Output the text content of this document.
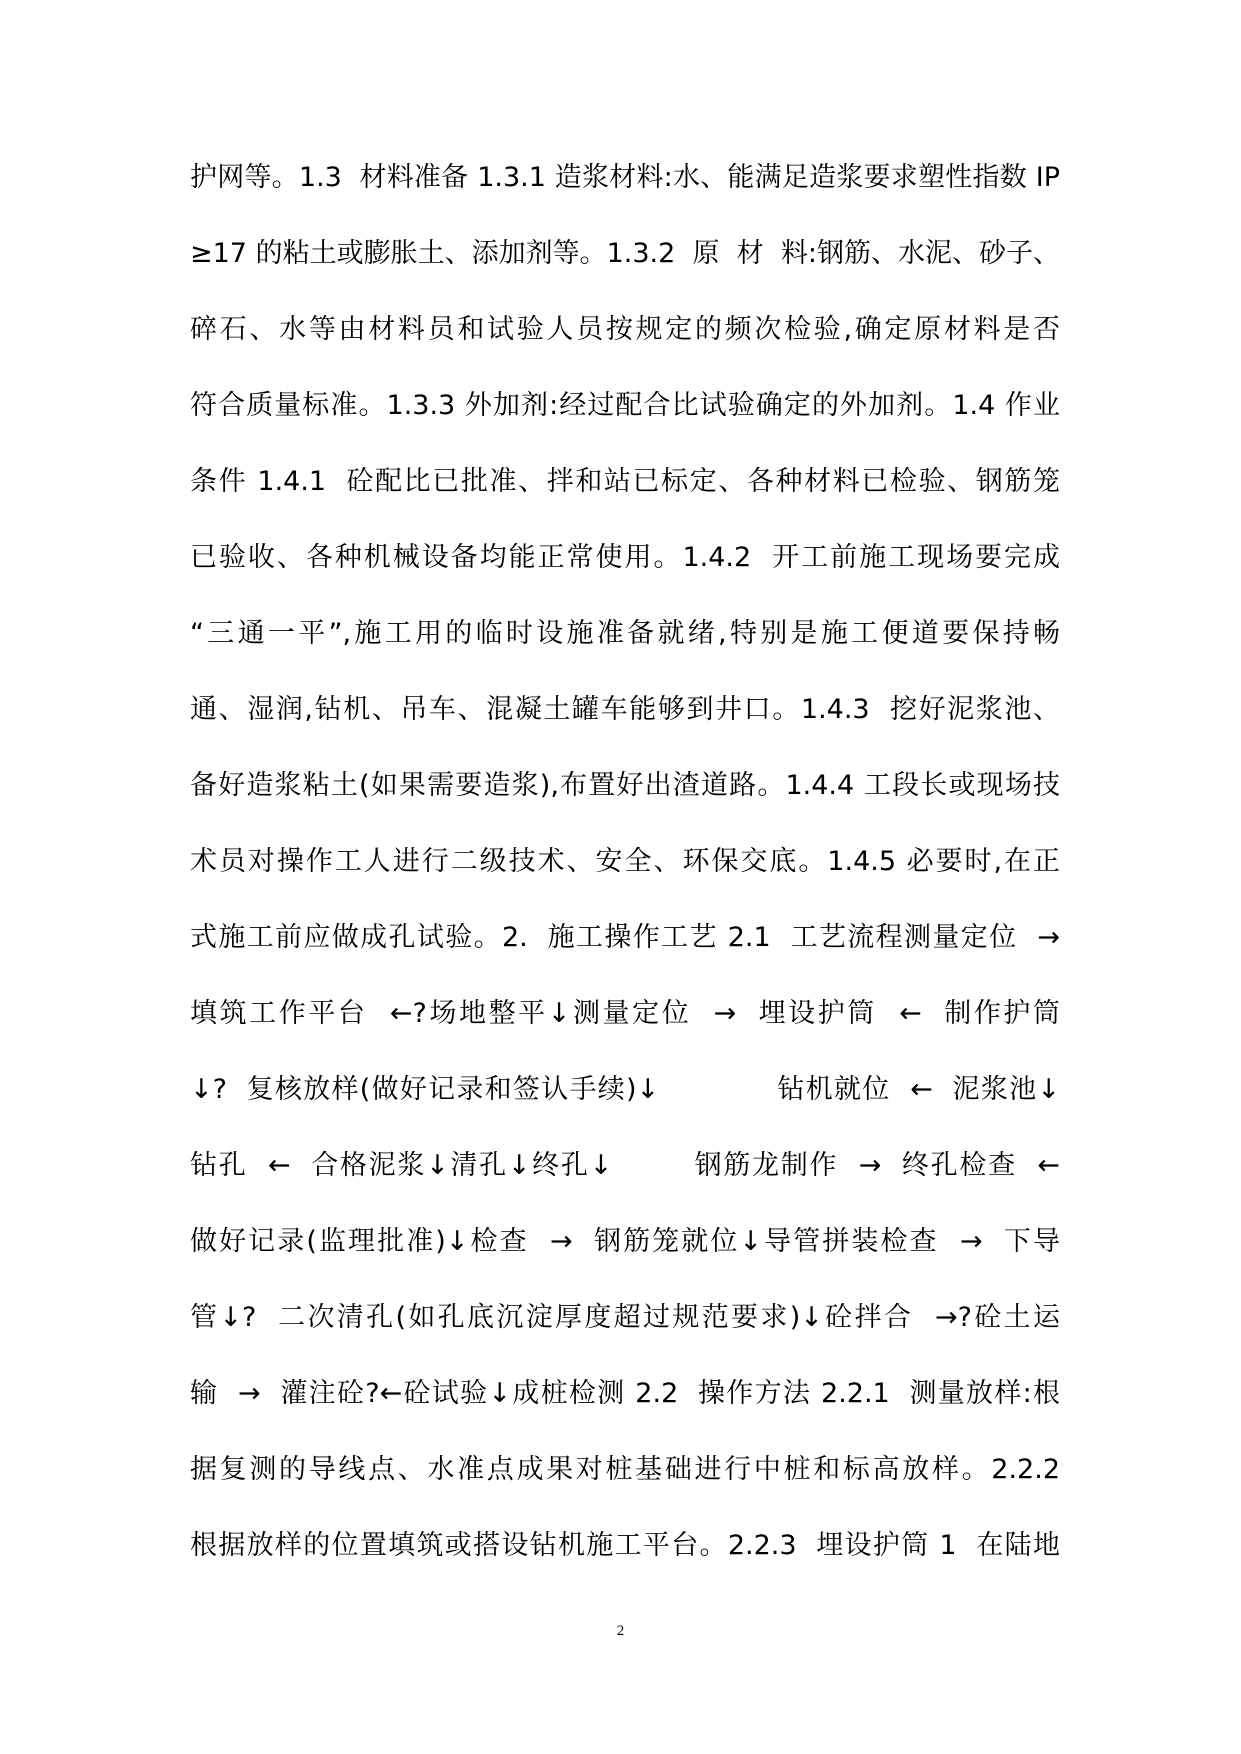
护网等。1.3  材料准备 1.3.1 造浆材料:水、能满足造浆要求塑性指数 IP
≥17 的粘土或膨胀土、添加剂等。1.3.2  原  材  料:钢筋、水泥、砂子、
碎石、水等由材料员和试验人员按规定的频次检验,确定原材料是否
符合质量标准。1.3.3 外加剂:经过配合比试验确定的外加剂。1.4 作业
条件 1.4.1  砼配比已批准、拌和站已标定、各种材料已检验、钢筋笼
已验收、各种机械设备均能正常使用。1.4.2  开工前施工现场要完成
“三通一平”,施工用的临时设施准备就绪,特别是施工便道要保持畅
通、湿润,钻机、吊车、混凝土罐车能够到井口。1.4.3  挖好泥浆池、
备好造浆粘土(如果需要造浆),布置好出渣道路。1.4.4 工段长或现场技
术员对操作工人进行二级技术、安全、环保交底。1.4.5 必要时,在正
式施工前应做成孔试验。2.  施工操作工艺 2.1  工艺流程测量定位  →
填筑工作平台  ←?场地整平↓测量定位  →  埋设护筒  ←  制作护筒
↓?  复核放样(做好记录和签认手续)↓            钻机就位  ←  泥浆池↓
钻孔  ←  合格泥浆↓清孔↓终孔↓        钢筋龙制作  →  终孔检查  ←
做好记录(监理批准)↓检查  →  钢筋笼就位↓导管拼装检查  →  下导
管↓?  二次清孔(如孔底沉淀厚度超过规范要求)↓砼拌合  →?砼土运
输  →  灌注砼?←砼试验↓成桩检测 2.2  操作方法 2.2.1  测量放样:根
据复测的导线点、水准点成果对桩基础进行中桩和标高放样。2.2.2
根据放样的位置填筑或搭设钻机施工平台。2.2.3  埋设护筒 1  在陆地
2
